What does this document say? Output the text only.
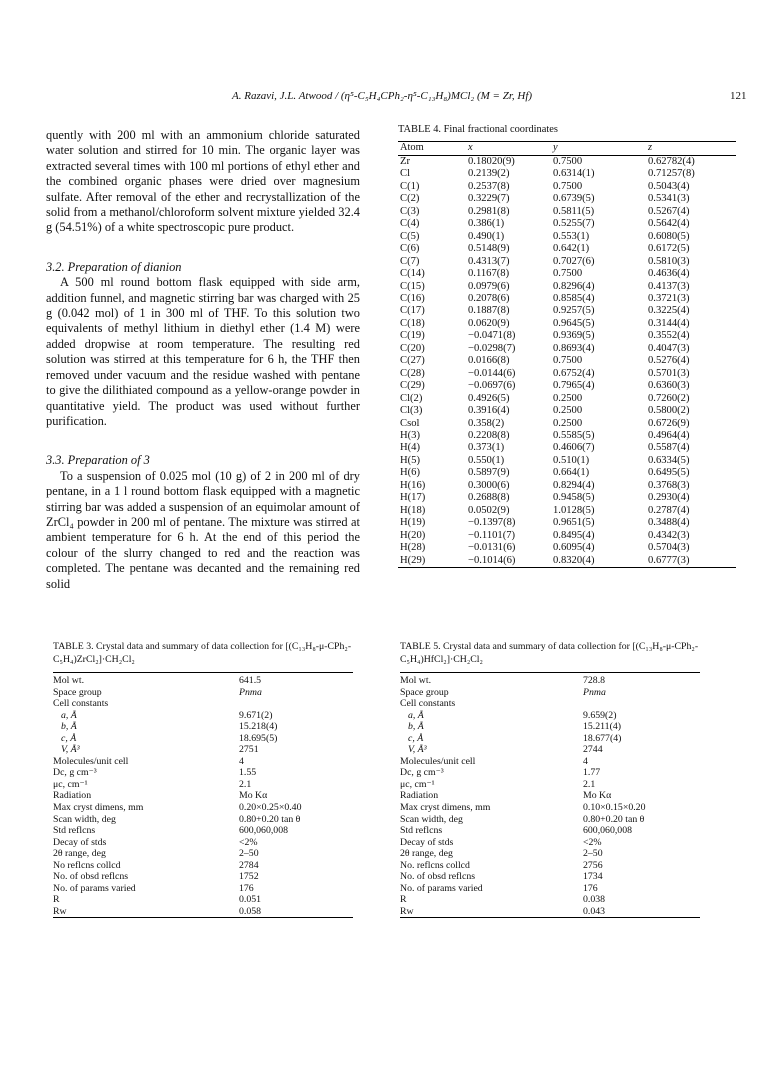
A. Razavi, J.L. Atwood / (η⁵-C₅H₄CPh₂-η⁵-C₁₃H₈)MCl₂ (M = Zr, Hf)	121

quently with 200 ml with an ammonium chloride saturated water solution and stirred for 10 min. The organic layer was extracted several times with 100 ml portions of ethyl ether and the combined organic phases were dried over magnesium sulfate. After removal of the ether and recrystallization of the solid from a methanol/chloroform solvent mixture yielded 32.4 g (54.51%) of a white spectroscopic pure product.

3.2. Preparation of dianion

A 500 ml round bottom flask equipped with side arm, addition funnel, and magnetic stirring bar was charged with 25 g (0.042 mol) of 1 in 300 ml of THF. To this solution two equivalents of methyl lithium in diethyl ether (1.4 M) were added dropwise at room temperature. The resulting red solution was stirred at this temperature for 6 h, the THF then removed under vacuum and the residue washed with pentane to give the dilithiated compound as a yellow-orange powder in quantitative yield. The product was used without further purification.

3.3. Preparation of 3

To a suspension of 0.025 mol (10 g) of 2 in 200 ml of dry pentane, in a 1 l round bottom flask equipped with a magnetic stirring bar was added a suspension of an equimolar amount of ZrCl₄ powder in 200 ml of pentane. The mixture was stirred at ambient temperature for 6 h. At the end of this period the colour of the slurry changed to red and the reaction was completed. The pentane was decanted and the remaining red solid

TABLE 4. Final fractional coordinates
Atom	x	y	z
Zr	0.18020(9)	0.7500	0.62782(4)
Cl	0.2139(2)	0.6314(1)	0.71257(8)
C(1)	0.2537(8)	0.7500	0.5043(4)
C(2)	0.3229(7)	0.6739(5)	0.5341(3)
C(3)	0.2981(8)	0.5811(5)	0.5267(4)
C(4)	0.386(1)	0.5255(7)	0.5642(4)
C(5)	0.490(1)	0.553(1)	0.6080(5)
C(6)	0.5148(9)	0.642(1)	0.6172(5)
C(7)	0.4313(7)	0.7027(6)	0.5810(3)
C(14)	0.1167(8)	0.7500	0.4636(4)
C(15)	0.0979(6)	0.8296(4)	0.4137(3)
C(16)	0.2078(6)	0.8585(4)	0.3721(3)
C(17)	0.1887(8)	0.9257(5)	0.3225(4)
C(18)	0.0620(9)	0.9645(5)	0.3144(4)
C(19)	−0.0471(8)	0.9369(5)	0.3552(4)
C(20)	−0.0298(7)	0.8693(4)	0.4047(3)
C(27)	0.0166(8)	0.7500	0.5276(4)
C(28)	−0.0144(6)	0.6752(4)	0.5701(3)
C(29)	−0.0697(6)	0.7965(4)	0.6360(3)
Cl(2)	0.4926(5)	0.2500	0.7260(2)
Cl(3)	0.3916(4)	0.2500	0.5800(2)
Csol	0.358(2)	0.2500	0.6726(9)
H(3)	0.2208(8)	0.5585(5)	0.4964(4)
H(4)	0.373(1)	0.4606(7)	0.5587(4)
H(5)	0.550(1)	0.510(1)	0.6334(5)
H(6)	0.5897(9)	0.664(1)	0.6495(5)
H(16)	0.3000(6)	0.8294(4)	0.3768(3)
H(17)	0.2688(8)	0.9458(5)	0.2930(4)
H(18)	0.0502(9)	1.0128(5)	0.2787(4)
H(19)	−0.1397(8)	0.9651(5)	0.3488(4)
H(20)	−0.1101(7)	0.8495(4)	0.4342(3)
H(28)	−0.0131(6)	0.6095(4)	0.5704(3)
H(29)	−0.1014(6)	0.8320(4)	0.6777(3)
TABLE 3. Crystal data and summary of data collection for [(C₁₃H₈-μ-CPh₂-C₅H₄)ZrCl₂]·CH₂Cl₂
Mol wt.	641.5
Space group	Pnma
Cell constants	
a, Å	9.671(2)
b, Å	15.218(4)
c, Å	18.695(5)
V, Å³	2751
Molecules/unit cell	4
Dc, g cm⁻³	1.55
μc, cm⁻¹	2.1
Radiation	Mo Kα
Max cryst dimens, mm	0.20×0.25×0.40
Scan width, deg	0.80+0.20 tan θ
Std reflcns	600,060,008
Decay of stds	<2%
2θ range, deg	2–50
No reflcns collcd	2784
No. of obsd reflcns	1752
No. of params varied	176
R	0.051
Rw	0.058
TABLE 5. Crystal data and summary of data collection for [(C₁₃H₈-μ-CPh₂-C₅H₄)HfCl₂]·CH₂Cl₂
Mol wt.	728.8
Space group	Pnma
Cell constants	
a, Å	9.659(2)
b, Å	15.211(4)
c, Å	18.677(4)
V, Å³	2744
Molecules/unit cell	4
Dc, g cm⁻³	1.77
μc, cm⁻¹	2.1
Radiation	Mo Kα
Max cryst dimens, mm	0.10×0.15×0.20
Scan width, deg	0.80+0.20 tan θ
Std reflcns	600,060,008
Decay of stds	<2%
2θ range, deg	2–50
No. reflcns collcd	2756
No. of obsd reflcns	1734
No. of params varied	176
R	0.038
Rw	0.043
